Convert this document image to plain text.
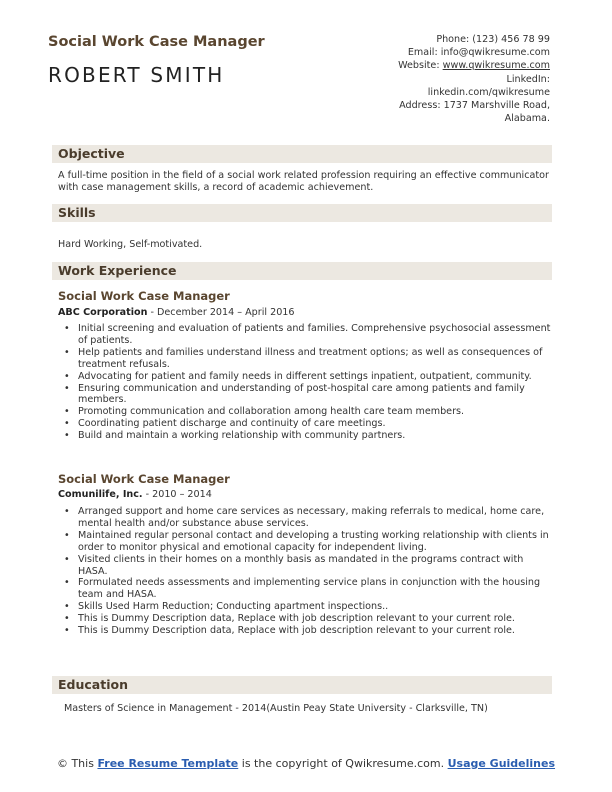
Social Work Case Manager
ROBERT SMITH
Phone: (123) 456 78 99
Email: info@qwikresume.com
Website: www.qwikresume.com
LinkedIn:
linkedin.com/qwikresume
Address: 1737 Marshville Road,
Alabama.
Objective
A full-time position in the field of a social work related profession requiring an effective communicator with case management skills, a record of academic achievement.
Skills
Hard Working, Self-motivated.
Work Experience
Social Work Case Manager
ABC Corporation - December 2014 – April 2016
• Initial screening and evaluation of patients and families. Comprehensive psychosocial assessment of patients.
• Help patients and families understand illness and treatment options; as well as consequences of treatment refusals.
• Advocating for patient and family needs in different settings inpatient, outpatient, community.
• Ensuring communication and understanding of post-hospital care among patients and family members.
• Promoting communication and collaboration among health care team members.
• Coordinating patient discharge and continuity of care meetings.
• Build and maintain a working relationship with community partners.
Social Work Case Manager
Comunilife, Inc. - 2010 – 2014
• Arranged support and home care services as necessary, making referrals to medical, home care, mental health and/or substance abuse services.
• Maintained regular personal contact and developing a trusting working relationship with clients in order to monitor physical and emotional capacity for independent living.
• Visited clients in their homes on a monthly basis as mandated in the programs contract with HASA.
• Formulated needs assessments and implementing service plans in conjunction with the housing team and HASA.
• Skills Used Harm Reduction; Conducting apartment inspections..
• This is Dummy Description data, Replace with job description relevant to your current role.
• This is Dummy Description data, Replace with job description relevant to your current role.
Education
Masters of Science in Management - 2014(Austin Peay State University - Clarksville, TN)
© This Free Resume Template is the copyright of Qwikresume.com. Usage Guidelines
